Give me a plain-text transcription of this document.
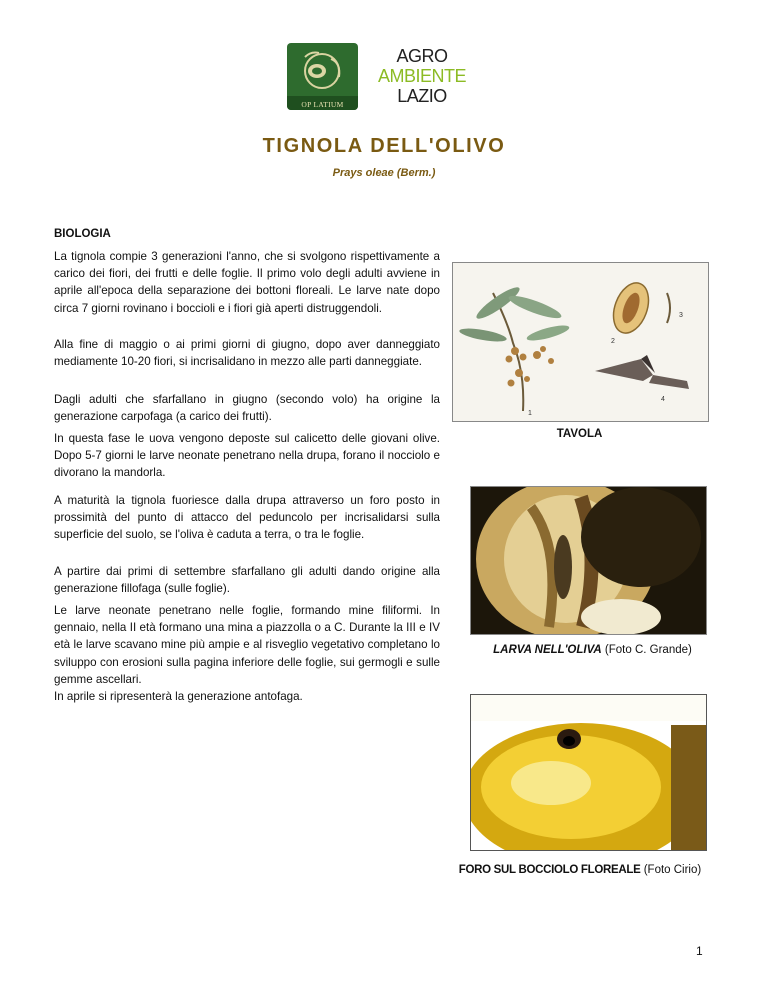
OP LATIUM
AGRO
AMBIENTE
LAZIO
TIGNOLA DELL'OLIVO
Prays oleae (Berm.)
BIOLOGIA
La tignola compie 3 generazioni l'anno, che si svolgono rispettivamente a carico dei fiori, dei frutti e delle foglie. Il primo volo degli adulti avviene in aprile all'epoca della separazione dei bottoni floreali. Le larve nate dopo circa 7 giorni rovinano i boccioli e i fiori già aperti distruggendoli.
Alla fine di maggio o ai primi giorni di giugno, dopo aver danneggiato mediamente 10-20 fiori, si incrisalidano in mezzo alle parti danneggiate.
Dagli adulti che sfarfallano in giugno (secondo volo) ha origine la generazione carpofaga (a carico dei frutti).
In questa fase le uova vengono deposte sul calicetto delle giovani olive. Dopo 5-7 giorni le larve neonate penetrano nella drupa, forano il nocciolo e divorano la mandorla.
A maturità la tignola fuoriesce dalla drupa attraverso un foro posto in prossimità del punto di attacco del peduncolo per incrisalidarsi sulla superficie del suolo, se l'oliva è caduta a terra, o tra le foglie.
A partire dai primi di settembre sfarfallano gli adulti dando origine alla generazione fillofaga (sulle foglie).
Le larve neonate penetrano nelle foglie, formando mine filiformi. In gennaio, nella II età formano una mina a piazzolla o a C. Durante la III e IV età le larve scavano mine più ampie e al risveglio vegetativo completano lo sviluppo con erosioni sulla pagina inferiore delle foglie, sui germogli e sulle gemme ascellari.
In aprile si ripresenterà la generazione antofaga.
1
2
3
4
TAVOLA
LARVA NELL'OLIVA (Foto C. Grande)
FORO SUL BOCCIOLO FLOREALE (Foto Cirio)
1
